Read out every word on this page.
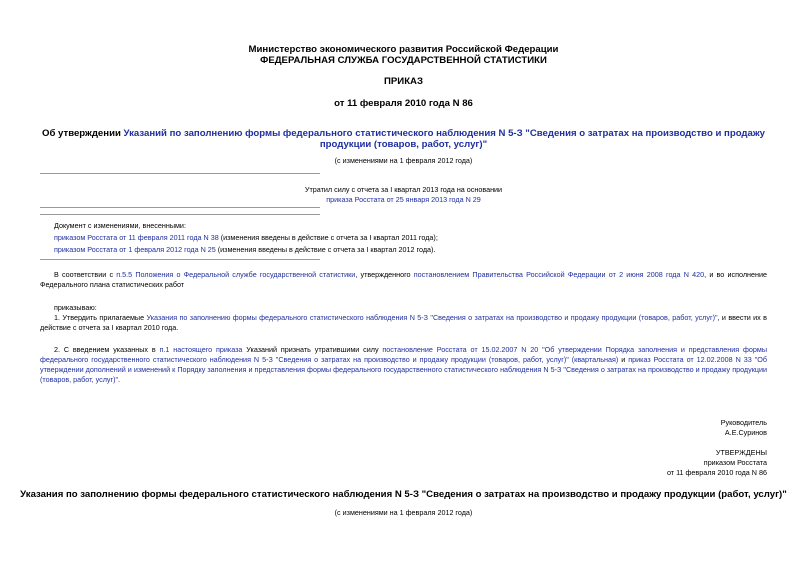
Министерство экономического развития Российской Федерации

ФЕДЕРАЛЬНАЯ СЛУЖБА ГОСУДАРСТВЕННОЙ СТАТИСТИКИ

ПРИКАЗ
от 11 февраля 2010 года N 86
Об утверждении Указаний по заполнению формы федерального статистического наблюдения N 5-З "Сведения о затратах на производство и продажу продукции (товаров, работ, услуг)"
(с изменениями на 1 февраля 2012 года)

Утратил силу с отчета за I квартал 2013 года на основании

приказа Росстата от 25 января 2013 года N 29

Документ с изменениями, внесенными:

приказом Росстата от 11 февраля 2011 года N 38 (изменения введены в действие с отчета за I квартал 2011 года);

приказом Росстата от 1 февраля 2012 года N 25 (изменения введены в действие с отчета за I квартал 2012 года).

В соответствии с п.5.5 Положения о Федеральной службе государственной статистики, утвержденного постановлением Правительства Российской Федерации от 2 июня 2008 года N 420, и во исполнение Федерального плана статистических работ
приказываю:
1. Утвердить прилагаемые Указания по заполнению формы федерального статистического наблюдения N 5-З "Сведения о затратах на производство и продажу продукции (товаров, работ, услуг)", и ввести их в действие с отчета за I квартал 2010 года.
2. С введением указанных в п.1 настоящего приказа Указаний признать утратившими силу постановление Росстата от 15.02.2007 N 20 "Об утверждении Порядка заполнения и представления формы федерального государственного статистического наблюдения N 5-З "Сведения о затратах на производство и продажу продукции (товаров, работ, услуг)" (квартальная) и приказ Росстата от 12.02.2008 N 33 "Об утверждении дополнений и изменений к Порядку заполнения и представления формы федерального государственного статистического наблюдения N 5-З "Сведения о затратах на производство и продажу продукции (товаров, работ, услуг)".

Руководитель

А.Е.Суринов

УТВЕРЖДЕНЫ

приказом Росстата

от 11 февраля 2010 года N 86

Указания по заполнению формы федерального статистического наблюдения N 5-З "Сведения о затратах на производство и продажу продукции (работ, услуг)"
(с изменениями на 1 февраля 2012 года)
